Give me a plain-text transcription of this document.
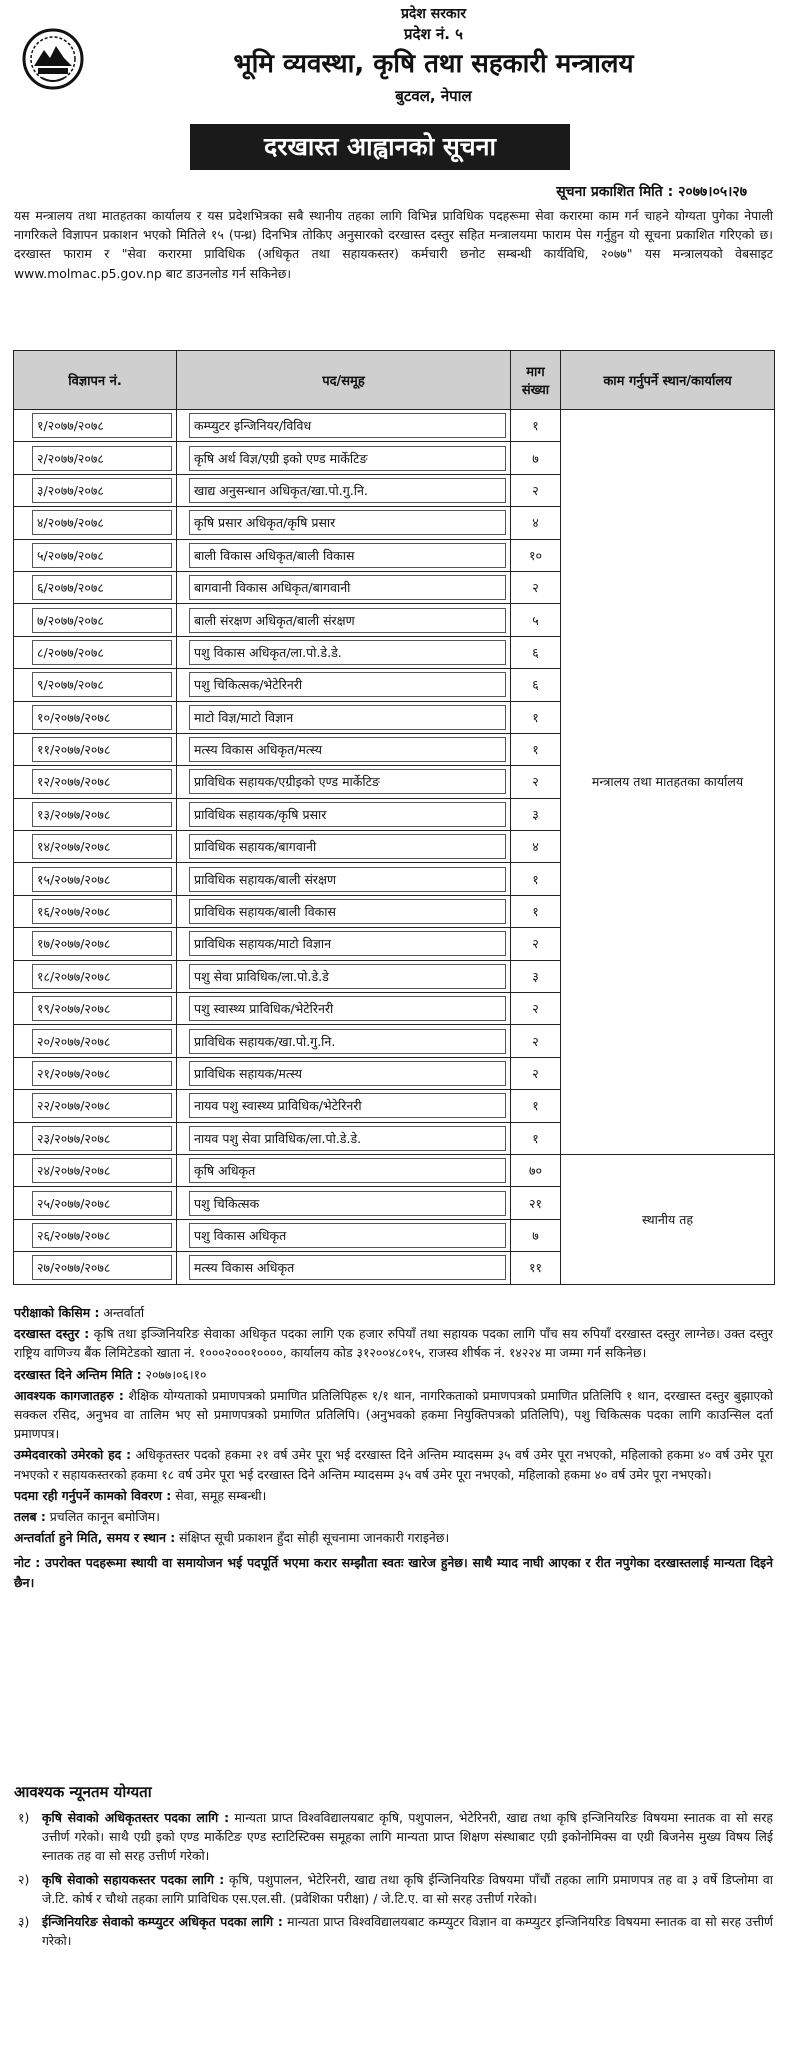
प्रदेश सरकार
प्रदेश नं. ५
भूमि व्यवस्था, कृषि तथा सहकारी मन्त्रालय
बुटवल, नेपाल
दरखास्त आह्वानको सूचना
सूचना प्रकाशित मिति : २०७७।०५।२७
यस मन्त्रालय तथा मातहतका कार्यालय र यस प्रदेशभित्रका सबै स्थानीय तहका लागि विभिन्न प्राविधिक पदहरूमा सेवा करारमा काम गर्न चाहने योग्यता पुगेका नेपाली नागरिकले विज्ञापन प्रकाशन भएको मितिले १५ (पन्ध्र) दिनभित्र तोकिए अनुसारको दरखास्त दस्तुर सहित मन्त्रालयमा फाराम पेस गर्नुहुन यो सूचना प्रकाशित गरिएको छ। दरखास्त फाराम र "सेवा करारमा प्राविधिक (अधिकृत तथा सहायकस्तर) कर्मचारी छनोट सम्बन्धी कार्यविधि, २०७७" यस मन्त्रालयको वेबसाइट www.molmac.p5.gov.np बाट डाउनलोड गर्न सकिनेछ।
विज्ञापन नं.	पद/समूह	माग संख्या	काम गर्नुपर्ने स्थान/कार्यालय

१/२०७७/२०७८	कम्प्युटर इन्जिनियर/विविध	१	मन्त्रालय तथा मातहतका कार्यालय

२/२०७७/२०७८	कृषि अर्थ विज्ञ/एग्री इको एण्ड मार्केटिङ	७	

३/२०७७/२०७८	खाद्य अनुसन्धान अधिकृत/खा.पो.गु.नि.	२	

४/२०७७/२०७८	कृषि प्रसार अधिकृत/कृषि प्रसार	४	

५/२०७७/२०७८	बाली विकास अधिकृत/बाली विकास	१०	

६/२०७७/२०७८	बागवानी विकास अधिकृत/बागवानी	२	

७/२०७७/२०७८	बाली संरक्षण अधिकृत/बाली संरक्षण	५	

८/२०७७/२०७८	पशु विकास अधिकृत/ला.पो.डे.डे.	६	

९/२०७७/२०७८	पशु चिकित्सक/भेटेरिनरी	६	

१०/२०७७/२०७८	माटो विज्ञ/माटो विज्ञान	१	

११/२०७७/२०७८	मत्स्य विकास अधिकृत/मत्स्य	१	

१२/२०७७/२०७८	प्राविधिक सहायक/एग्रीइको एण्ड मार्केटिङ	२	

१३/२०७७/२०७८	प्राविधिक सहायक/कृषि प्रसार	३	

१४/२०७७/२०७८	प्राविधिक सहायक/बागवानी	४	

१५/२०७७/२०७८	प्राविधिक सहायक/बाली संरक्षण	१	

१६/२०७७/२०७८	प्राविधिक सहायक/बाली विकास	१	

१७/२०७७/२०७८	प्राविधिक सहायक/माटो विज्ञान	२	

१८/२०७७/२०७८	पशु सेवा प्राविधिक/ला.पो.डे.डे	३	

१९/२०७७/२०७८	पशु स्वास्थ्य प्राविधिक/भेटेरिनरी	२	

२०/२०७७/२०७८	प्राविधिक सहायक/खा.पो.गु.नि.	२	

२१/२०७७/२०७८	प्राविधिक सहायक/मत्स्य	२	

२२/२०७७/२०७८	नायव पशु स्वास्थ्य प्राविधिक/भेटेरिनरी	१	

२३/२०७७/२०७८	नायव पशु सेवा प्राविधिक/ला.पो.डे.डे.	१	

२४/२०७७/२०७८	कृषि अधिकृत	७०	स्थानीय तह

२५/२०७७/२०७८	पशु चिकित्सक	२१	

२६/२०७७/२०७८	पशु विकास अधिकृत	७	

२७/२०७७/२०७८	मत्स्य विकास अधिकृत	११	

परीक्षाको किसिम : अन्तर्वार्ता

दरखास्त दस्तुर : कृषि तथा इञ्जिनियरिङ सेवाका अधिकृत पदका लागि एक हजार रुपियाँ तथा सहायक पदका लागि पाँच सय रुपियाँ दरखास्त दस्तुर लाग्नेछ। उक्त दस्तुर राष्ट्रिय वाणिज्य बैंक लिमिटेडको खाता नं. १०००२०००१००००, कार्यालय कोड ३१२००४८०१५, राजस्व शीर्षक नं. १४२२४ मा जम्मा गर्न सकिनेछ।

दरखास्त दिने अन्तिम मिति : २०७७।०६।१०

आवश्यक कागजातहरु : शैक्षिक योग्यताको प्रमाणपत्रको प्रमाणित प्रतिलिपिहरू १/१ थान, नागरिकताको प्रमाणपत्रको प्रमाणित प्रतिलिपि १ थान, दरखास्त दस्तुर बुझाएको सक्कल रसिद, अनुभव वा तालिम भए सो प्रमाणपत्रको प्रमाणित प्रतिलिपि। (अनुभवको हकमा नियुक्तिपत्रको प्रतिलिपि), पशु चिकित्सक पदका लागि काउन्सिल दर्ता प्रमाणपत्र।

उम्मेदवारको उमेरको हद : अधिकृतस्तर पदको हकमा २१ वर्ष उमेर पूरा भई दरखास्त दिने अन्तिम म्यादसम्म ३५ वर्ष उमेर पूरा नभएको, महिलाको हकमा ४० वर्ष उमेर पूरा नभएको र सहायकस्तरको हकमा १८ वर्ष उमेर पूरा भई दरखास्त दिने अन्तिम म्यादसम्म ३५ वर्ष उमेर पूरा नभएको, महिलाको हकमा ४० वर्ष उमेर पूरा नभएको।

पदमा रही गर्नुपर्ने कामको विवरण : सेवा, समूह सम्बन्धी।

तलब : प्रचलित कानून बमोजिम।

अन्तर्वार्ता हुने मिति, समय र स्थान : संक्षिप्त सूची प्रकाशन हुँदा सोही सूचनामा जानकारी गराइनेछ।

नोट : उपरोक्त पदहरूमा स्थायी वा समायोजन भई पदपूर्ति भएमा करार सम्झौता स्वतः खारेज हुनेछ। साथै म्याद नाघी आएका र रीत नपुगेका दरखास्तलाई मान्यता दिइने छैन।

आवश्यक न्यूनतम योग्यता
१) कृषि सेवाको अधिकृतस्तर पदका लागि : मान्यता प्राप्त विश्वविद्यालयबाट कृषि, पशुपालन, भेटेरिनरी, खाद्य तथा कृषि इन्जिनियरिङ विषयमा स्नातक वा सो सरह उत्तीर्ण गरेको। साथै एग्री इको एण्ड मार्केटिङ एण्ड स्टाटिस्टिक्स समूहका लागि मान्यता प्राप्त शिक्षण संस्थाबाट एग्री इकोनोमिक्स वा एग्री बिजनेस मुख्य विषय लिई स्नातक तह वा सो सरह उत्तीर्ण गरेको।
२) कृषि सेवाको सहायकस्तर पदका लागि : कृषि, पशुपालन, भेटेरिनरी, खाद्य तथा कृषि ईन्जिनियरिङ विषयमा पाँचौं तहका लागि प्रमाणपत्र तह वा ३ वर्षे डिप्लोमा वा जे.टि. कोर्ष र चौथो तहका लागि प्राविधिक एस.एल.सी. (प्रवेशिका परीक्षा) / जे.टि.ए. वा सो सरह उत्तीर्ण गरेको।
३) ईन्जिनियरिङ सेवाको कम्प्युटर अधिकृत पदका लागि : मान्यता प्राप्त विश्वविद्यालयबाट कम्प्युटर विज्ञान वा कम्प्युटर इन्जिनियरिङ विषयमा स्नातक वा सो सरह उत्तीर्ण गरेको।
